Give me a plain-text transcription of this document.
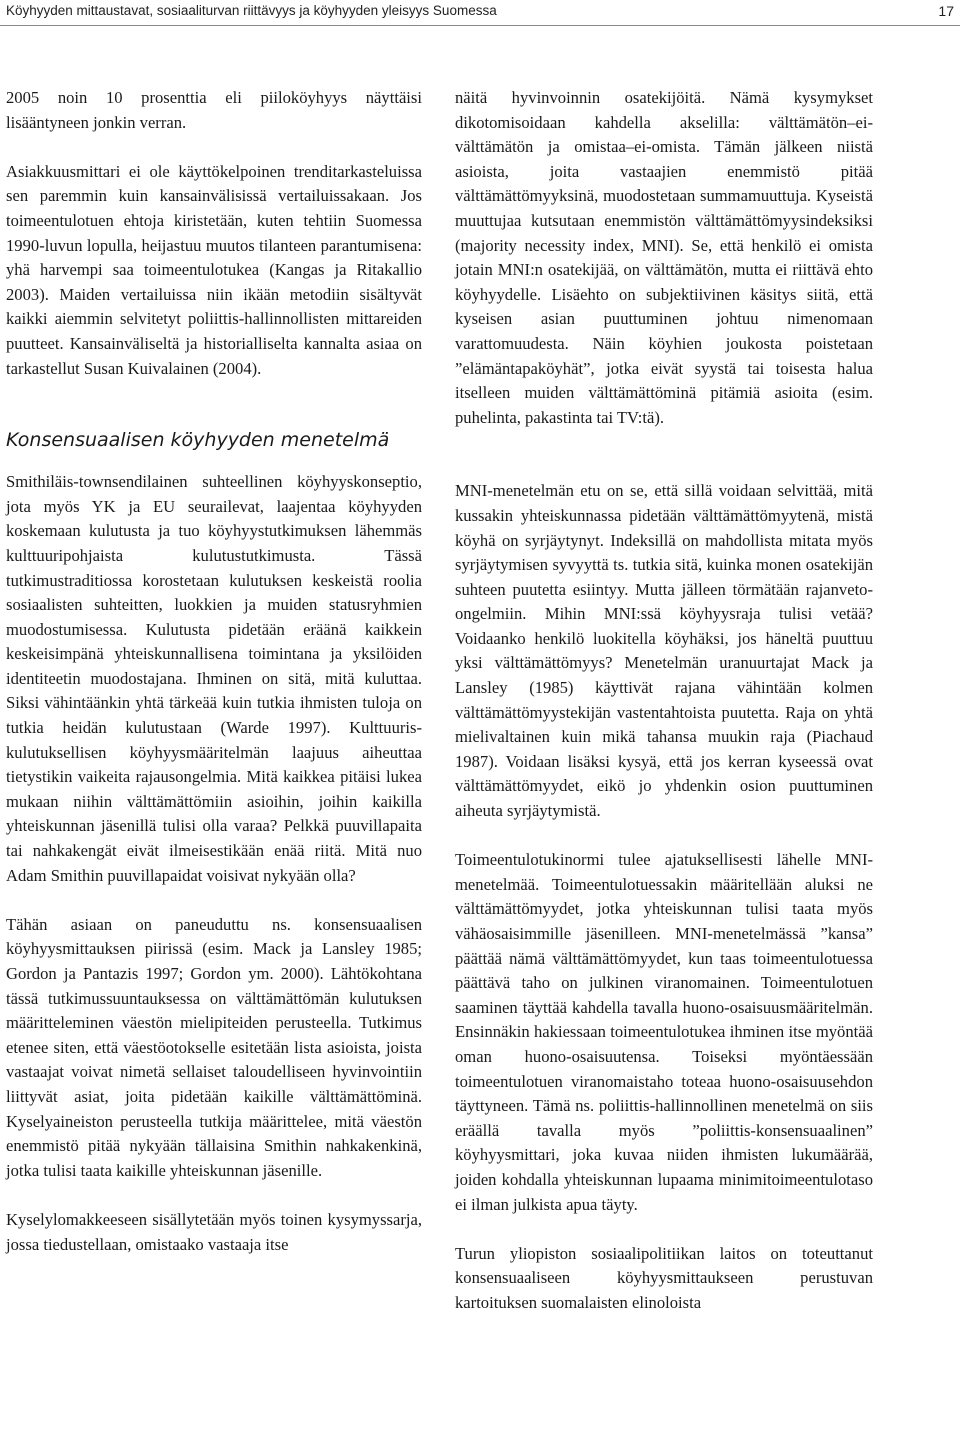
Köyhyyden mittaustavat, sosiaaliturvan riittävyys ja köyhyyden yleisyys Suomessa	17

2005 noin 10 prosenttia eli piiloköyhyys näyttäisi lisääntyneen jonkin verran.

Asiakkuusmittari ei ole käyttökelpoinen trenditarkasteluissa sen paremmin kuin kansainvälisissä vertailuissakaan. Jos toimeentulotuen ehtoja kiristetään, kuten tehtiin Suomessa 1990-luvun lopulla, heijastuu muutos tilanteen parantumisena: yhä harvempi saa toimeentulotukea (Kangas ja Ritakallio 2003). Maiden vertailuissa niin ikään metodiin sisältyvät kaikki aiemmin selvitetyt poliittis-hallinnollisten mittareiden puutteet. Kansainväliseltä ja historialliselta kannalta asiaa on tarkastellut Susan Kuivalainen (2004).

Konsensuaalisen köyhyyden menetelmä

Smithiläis-townsendilainen suhteellinen köyhyyskonseptio, jota myös YK ja EU seurailevat, laajentaa köyhyyden koskemaan kulutusta ja tuo köyhyystutkimuksen lähemmäs kulttuuripohjaista kulutustutkimusta. Tässä tutkimustraditiossa korostetaan kulutuksen keskeistä roolia sosiaalisten suhteitten, luokkien ja muiden statusryhmien muodostumisessa. Kulutusta pidetään eräänä kaikkein keskeisimpänä yhteiskunnallisena toimintana ja yksilöiden identiteetin muodostajana. Ihminen on sitä, mitä kuluttaa. Siksi vähintäänkin yhtä tärkeää kuin tutkia ihmisten tuloja on tutkia heidän kulutustaan (Warde 1997). Kulttuuris-kulutuksellisen köyhyysmääritelmän laajuus aiheuttaa tietystikin vaikeita rajausongelmia. Mitä kaikkea pitäisi lukea mukaan niihin välttämättömiin asioihin, joihin kaikilla yhteiskunnan jäsenillä tulisi olla varaa? Pelkkä puuvillapaita tai nahkakengät eivät ilmeisestikään enää riitä. Mitä nuo Adam Smithin puuvillapaidat voisivat nykyään olla?

Tähän asiaan on paneuduttu ns. konsensuaalisen köyhyysmittauksen piirissä (esim. Mack ja Lansley 1985; Gordon ja Pantazis 1997; Gordon ym. 2000). Lähtökohtana tässä tutkimussuuntauksessa on välttämättömän kulutuksen määritteleminen väestön mielipiteiden perusteella. Tutkimus etenee siten, että väestöotokselle esitetään lista asioista, joista vastaajat voivat nimetä sellaiset taloudelliseen hyvinvointiin liittyvät asiat, joita pidetään kaikille välttämättöminä. Kyselyaineiston perusteella tutkija määrittelee, mitä väestön enemmistö pitää nykyään tällaisina Smithin nahkakenkinä, jotka tulisi taata kaikille yhteiskunnan jäsenille.

Kyselylomakkeeseen sisällytetään myös toinen kysymyssarja, jossa tiedustellaan, omistaako vastaaja itse

näitä hyvinvoinnin osatekijöitä. Nämä kysymykset dikotomisoidaan kahdella akselilla: välttämätön–ei-välttämätön ja omistaa–ei-omista. Tämän jälkeen niistä asioista, joita vastaajien enemmistö pitää välttämättömyyksinä, muodostetaan summamuuttuja. Kyseistä muuttujaa kutsutaan enemmistön välttämättömyysindeksiksi (majority necessity index, MNI). Se, että henkilö ei omista jotain MNI:n osatekijää, on välttämätön, mutta ei riittävä ehto köyhyydelle. Lisäehto on subjektiivinen käsitys siitä, että kyseisen asian puuttuminen johtuu nimenomaan varattomuudesta. Näin köyhien joukosta poistetaan ”elämäntapaköyhät”, jotka eivät syystä tai toisesta halua itselleen muiden välttämättöminä pitämiä asioita (esim. puhelinta, pakastinta tai TV:tä).

MNI-menetelmän etu on se, että sillä voidaan selvittää, mitä kussakin yhteiskunnassa pidetään välttämättömyytenä, mistä köyhä on syrjäytynyt. Indeksillä on mahdollista mitata myös syrjäytymisen syvyyttä ts. tutkia sitä, kuinka monen osatekijän suhteen puutetta esiintyy. Mutta jälleen törmätään rajanveto-ongelmiin. Mihin MNI:ssä köyhyysraja tulisi vetää? Voidaanko henkilö luokitella köyhäksi, jos häneltä puuttuu yksi välttämättömyys? Menetelmän uranuurtajat Mack ja Lansley (1985) käyttivät rajana vähintään kolmen välttämättömyystekijän vastentahtoista puutetta. Raja on yhtä mielivaltainen kuin mikä tahansa muukin raja (Piachaud 1987). Voidaan lisäksi kysyä, että jos kerran kyseessä ovat välttämättömyydet, eikö jo yhdenkin osion puuttuminen aiheuta syrjäytymistä.

Toimeentulotukinormi tulee ajatuksellisesti lähelle MNI-menetelmää. Toimeentulotuessakin määritellään aluksi ne välttämättömyydet, jotka yhteiskunnan tulisi taata myös vähäosaisimmille jäsenilleen. MNI-menetelmässä ”kansa” päättää nämä välttämättömyydet, kun taas toimeentulotuessa päättävä taho on julkinen viranomainen. Toimeentulotuen saaminen täyttää kahdella tavalla huono-osaisuusmääritelmän. Ensinnäkin hakiessaan toimeentulotukea ihminen itse myöntää oman huono-osaisuutensa. Toiseksi myöntäessään toimeentulotuen viranomaistaho toteaa huono-osaisuusehdon täyttyneen. Tämä ns. poliittis-hallinnollinen menetelmä on siis eräällä tavalla myös ”poliittis-konsensuaalinen” köyhyysmittari, joka kuvaa niiden ihmisten lukumäärää, joiden kohdalla yhteiskunnan lupaama minimitoimeentulotaso ei ilman julkista apua täyty.

Turun yliopiston sosiaalipolitiikan laitos on toteuttanut konsensuaaliseen köyhyysmittaukseen perustuvan kartoituksen suomalaisten elinoloista
